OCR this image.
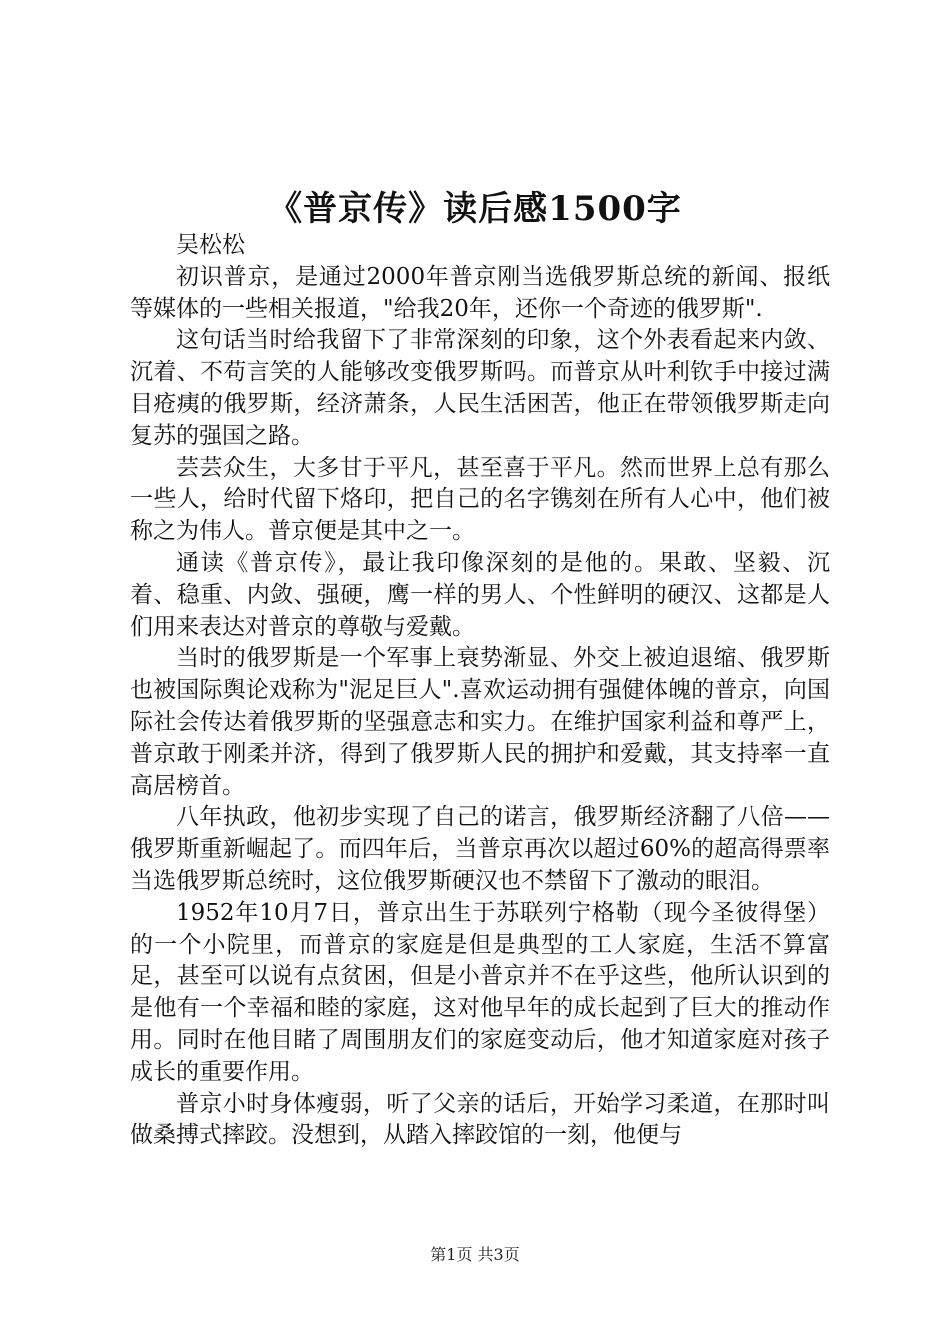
《普京传》读后感1500字

吴松松

初识普京，是通过2000年普京刚当选俄罗斯总统的新闻、报纸等媒体的一些相关报道，"给我20年，还你一个奇迹的俄罗斯".

这句话当时给我留下了非常深刻的印象，这个外表看起来内敛、沉着、不苟言笑的人能够改变俄罗斯吗。而普京从叶利钦手中接过满目疮痍的俄罗斯，经济萧条，人民生活困苦，他正在带领俄罗斯走向复苏的强国之路。

芸芸众生，大多甘于平凡，甚至喜于平凡。然而世界上总有那么一些人，给时代留下烙印，把自己的名字镌刻在所有人心中，他们被称之为伟人。普京便是其中之一。

通读《普京传》，最让我印像深刻的是他的。果敢、坚毅、沉着、稳重、内敛、强硬，鹰一样的男人、个性鲜明的硬汉、这都是人们用来表达对普京的尊敬与爱戴。

当时的俄罗斯是一个军事上衰势渐显、外交上被迫退缩、俄罗斯也被国际舆论戏称为"泥足巨人".喜欢运动拥有强健体魄的普京，向国际社会传达着俄罗斯的坚强意志和实力。在维护国家利益和尊严上，普京敢于刚柔并济，得到了俄罗斯人民的拥护和爱戴，其支持率一直高居榜首。

八年执政，他初步实现了自己的诺言，俄罗斯经济翻了八倍——俄罗斯重新崛起了。而四年后，当普京再次以超过60%的超高得票率当选俄罗斯总统时，这位俄罗斯硬汉也不禁留下了激动的眼泪。

1952年10月7日，普京出生于苏联列宁格勒（现今圣彼得堡）的一个小院里，而普京的家庭是但是典型的工人家庭，生活不算富足，甚至可以说有点贫困，但是小普京并不在乎这些，他所认识到的是他有一个幸福和睦的家庭，这对他早年的成长起到了巨大的推动作用。同时在他目睹了周围朋友们的家庭变动后，他才知道家庭对孩子成长的重要作用。

普京小时身体瘦弱，听了父亲的话后，开始学习柔道，在那时叫做桑搏式摔跤。没想到，从踏入摔跤馆的一刻，他便与

第1页 共3页
